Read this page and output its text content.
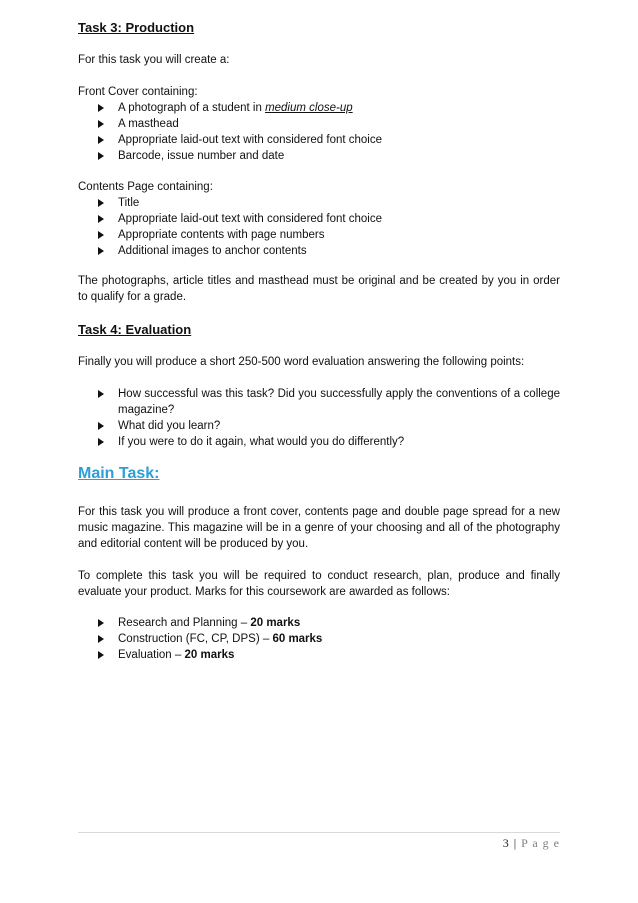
Task 3: Production
For this task you will create a:
Front Cover containing:
A photograph of a student in medium close-up
A masthead
Appropriate laid-out text with considered font choice
Barcode, issue number and date
Contents Page containing:
Title
Appropriate laid-out text with considered font choice
Appropriate contents with page numbers
Additional images to anchor contents
The photographs, article titles and masthead must be original and be created by you in order to qualify for a grade.
Task 4: Evaluation
Finally you will produce a short 250-500 word evaluation answering the following points:
How successful was this task? Did you successfully apply the conventions of a college magazine?
What did you learn?
If you were to do it again, what would you do differently?
Main Task:
For this task you will produce a front cover, contents page and double page spread for a new music magazine. This magazine will be in a genre of your choosing and all of the photography and editorial content will be produced by you.
To complete this task you will be required to conduct research, plan, produce and finally evaluate your product. Marks for this coursework are awarded as follows:
Research and Planning – 20 marks
Construction (FC, CP, DPS) – 60 marks
Evaluation – 20 marks
3 | P a g e
